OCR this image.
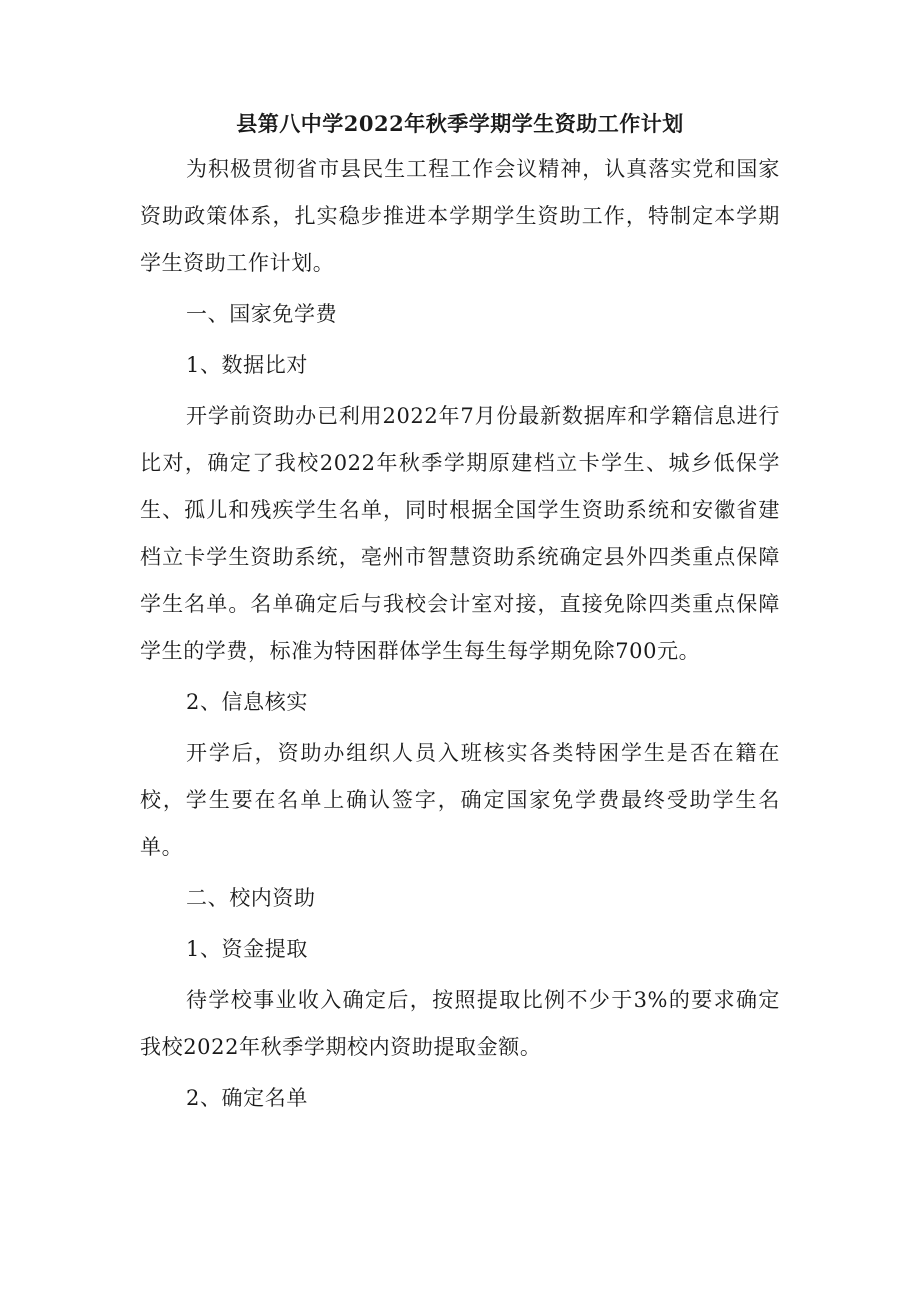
县第八中学2022年秋季学期学生资助工作计划

为积极贯彻省市县民生工程工作会议精神，认真落实党和国家资助政策体系，扎实稳步推进本学期学生资助工作，特制定本学期学生资助工作计划。

一、国家免学费

1、数据比对

开学前资助办已利用2022年7月份最新数据库和学籍信息进行比对，确定了我校2022年秋季学期原建档立卡学生、城乡低保学生、孤儿和残疾学生名单，同时根据全国学生资助系统和安徽省建档立卡学生资助系统，亳州市智慧资助系统确定县外四类重点保障学生名单。名单确定后与我校会计室对接，直接免除四类重点保障学生的学费，标准为特困群体学生每生每学期免除700元。

2、信息核实

开学后，资助办组织人员入班核实各类特困学生是否在籍在校，学生要在名单上确认签字，确定国家免学费最终受助学生名单。

二、校内资助

1、资金提取

待学校事业收入确定后，按照提取比例不少于3%的要求确定我校2022年秋季学期校内资助提取金额。

2、确定名单
